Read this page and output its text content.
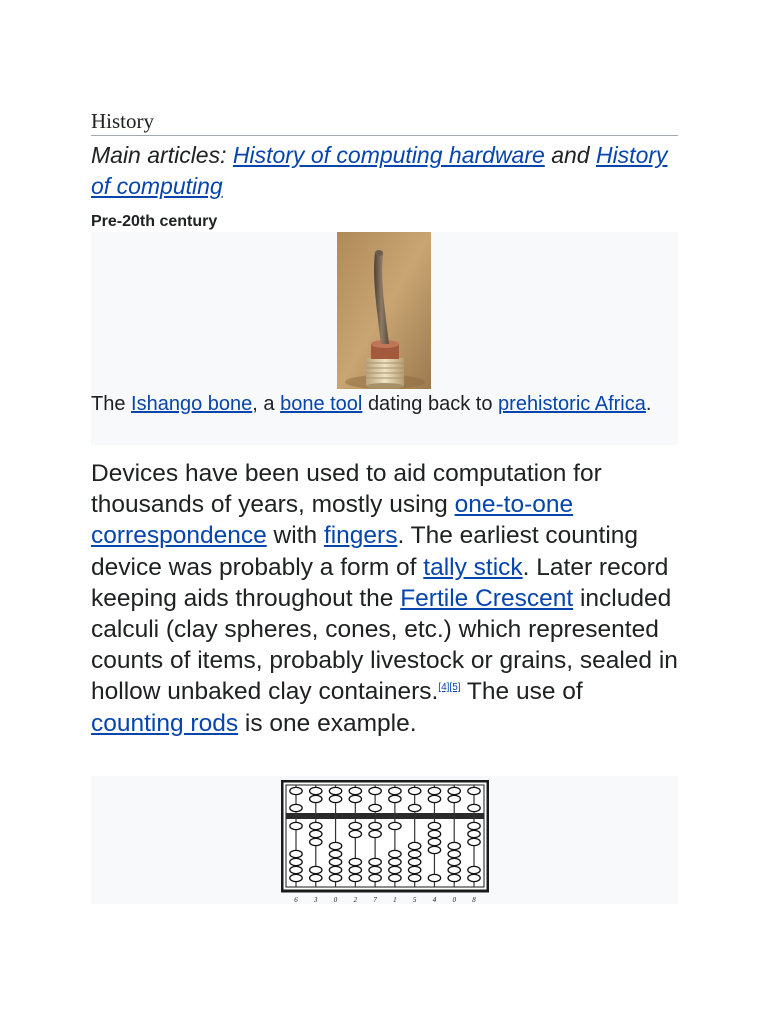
History
Main articles: History of computing hardware and History of computing
Pre-20th century
The Ishango bone, a bone tool dating back to prehistoric Africa.

Devices have been used to aid computation for thousands of years, mostly using one-to-one correspondence with fingers. The earliest counting device was probably a form of tally stick. Later record keeping aids throughout the Fertile Crescent included calculi (clay spheres, cones, etc.) which represented counts of items, probably livestock or grains, sealed in hollow unbaked clay containers.[4][5] The use of counting rods is one example.

6 3 0 2 7 1 5 4 0 8
